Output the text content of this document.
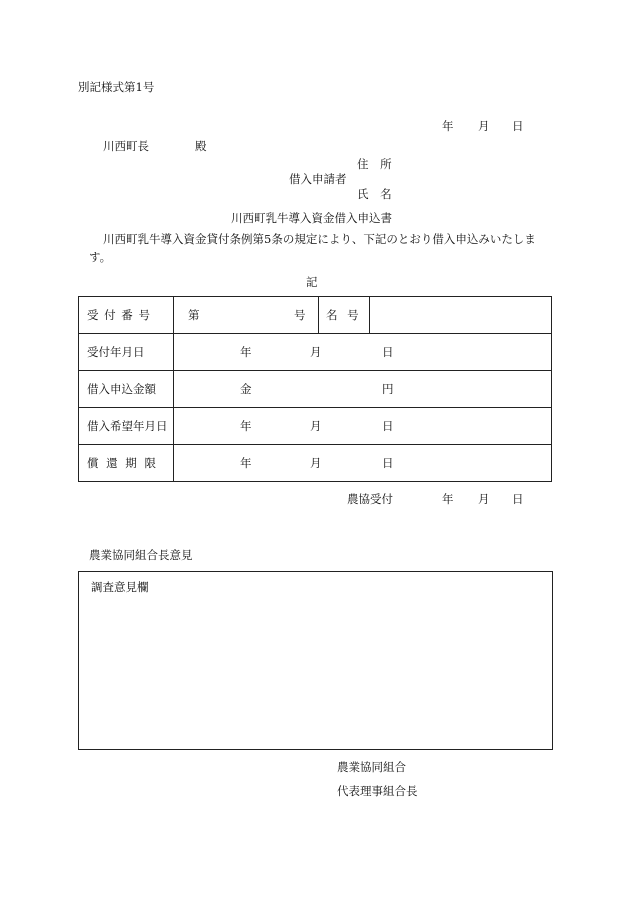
別記様式第1号
年 月 日
川西町長	殿
住 所
借入申請者
氏 名
川西町乳牛導入資金借入申込書
川西町乳牛導入資金貸付条例第5条の規定により、下記のとおり借入申込みいたしま
す。
記
受 付 番 号	第 号	名 号	

受付年月日	年 月 日		

借入申込金額	金 円		

借入希望年月日	年 月 日		

償 還 期 限	年 月 日		
農協受付	年 月 日
農業協同組合長意見
調査意見欄
農業協同組合
代表理事組合長
